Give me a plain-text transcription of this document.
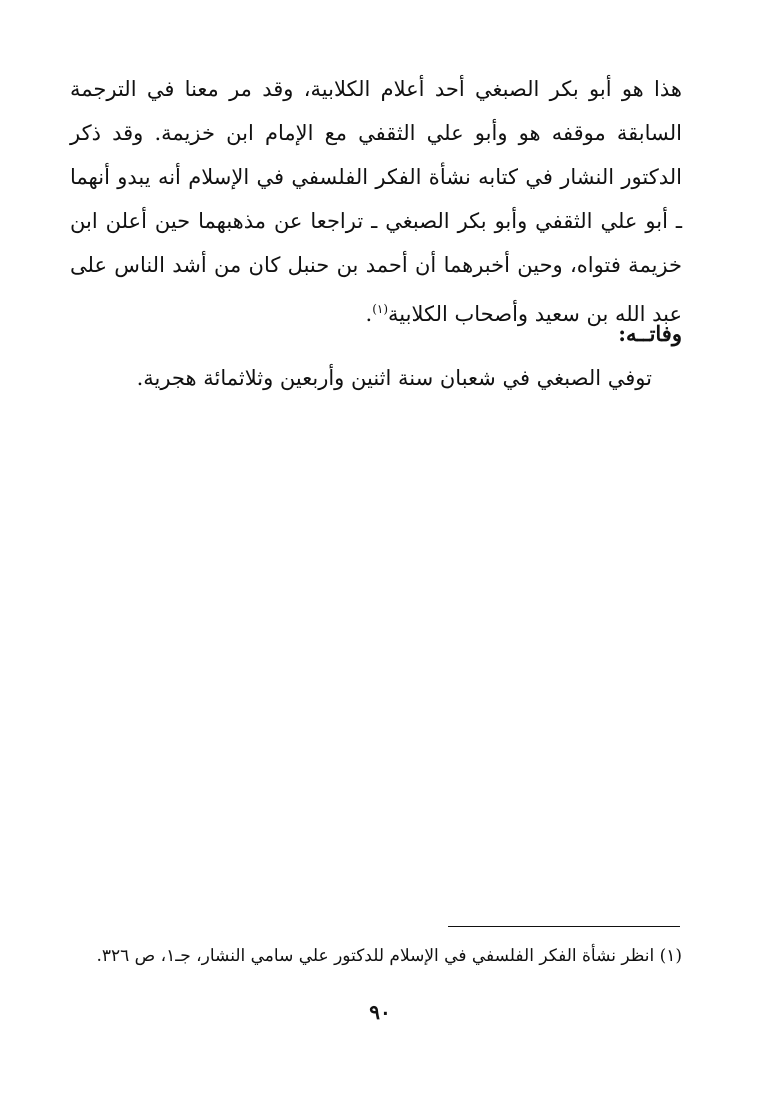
هذا هو أبو بكر الصبغي أحد أعلام الكلابية، وقد مر معنا في الترجمة السابقة موقفه هو وأبو علي الثقفي مع الإمام ابن خزيمة. وقد ذكر الدكتور النشار في كتابه نشأة الفكر الفلسفي في الإسلام أنه يبدو أنهما ـ أبو علي الثقفي وأبو بكر الصبغي ـ تراجعا عن مذهبهما حين أعلن ابن خزيمة فتواه، وحين أخبرهما أن أحمد بن حنبل كان من أشد الناس على عبد الله بن سعيد وأصحاب الكلابية$^{(١)}$.
وفاتــه:
توفي الصبغي في شعبان سنة اثنين وأربعين وثلاثمائة هجرية.
(١) انظر نشأة الفكر الفلسفي في الإسلام للدكتور علي سامي النشار، جـ١، ص ٣٢٦.
٩٠
